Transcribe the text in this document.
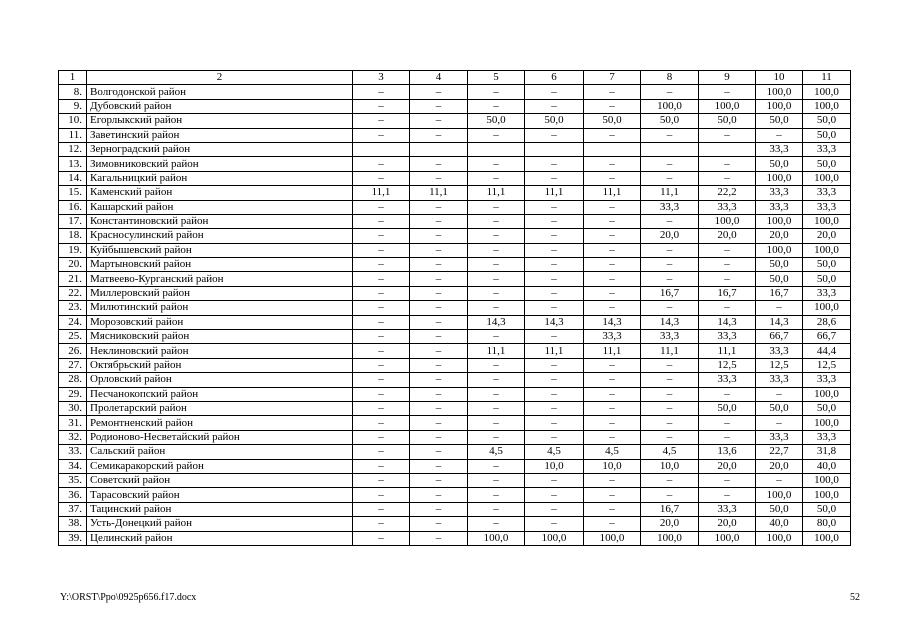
1	2	3	4	5	6	7	8	9	10	11
8.	Волгодонской район	–	–	–	–	–	–	–	100,0	100,0
9.	Дубовский район	–	–	–	–	–	100,0	100,0	100,0	100,0
10.	Егорлыкский район	–	–	50,0	50,0	50,0	50,0	50,0	50,0	50,0
11.	Заветинский район	–	–	–	–	–	–	–	–	50,0
12.	Зерноградский район								33,3	33,3
13.	Зимовниковский район	–	–	–	–	–	–	–	50,0	50,0
14.	Кагальницкий район	–	–	–	–	–	–	–	100,0	100,0
15.	Каменский район	11,1	11,1	11,1	11,1	11,1	11,1	22,2	33,3	33,3
16.	Кашарский район	–	–	–	–	–	33,3	33,3	33,3	33,3
17.	Константиновский район	–	–	–	–	–	–	100,0	100,0	100,0
18.	Красносулинский район	–	–	–	–	–	20,0	20,0	20,0	20,0
19.	Куйбышевский район	–	–	–	–	–	–	–	100,0	100,0
20.	Мартыновский район	–	–	–	–	–	–	–	50,0	50,0
21.	Матвеево-Курганский район	–	–	–	–	–	–	–	50,0	50,0
22.	Миллеровский район	–	–	–	–	–	16,7	16,7	16,7	33,3
23.	Милютинский район	–	–	–	–	–	–	–	–	100,0
24.	Морозовский район	–	–	14,3	14,3	14,3	14,3	14,3	14,3	28,6
25.	Мясниковский район	–	–	–	–	33,3	33,3	33,3	66,7	66,7
26.	Неклиновский район	–	–	11,1	11,1	11,1	11,1	11,1	33,3	44,4
27.	Октябрьский район	–	–	–	–	–	–	12,5	12,5	12,5
28.	Орловский район	–	–	–	–	–	–	33,3	33,3	33,3
29.	Песчанокопский район	–	–	–	–	–	–	–	–	100,0
30.	Пролетарский район	–	–	–	–	–	–	50,0	50,0	50,0
31.	Ремонтненский район	–	–	–	–	–	–	–	–	100,0
32.	Родионово-Несветайский район	–	–	–	–	–	–	–	33,3	33,3
33.	Сальский район	–	–	4,5	4,5	4,5	4,5	13,6	22,7	31,8
34.	Семикаракорский район	–	–	–	10,0	10,0	10,0	20,0	20,0	40,0
35.	Советский район	–	–	–	–	–	–	–	–	100,0
36.	Тарасовский район	–	–	–	–	–	–	–	100,0	100,0
37.	Тацинский район	–	–	–	–	–	16,7	33,3	50,0	50,0
38.	Усть-Донецкий район	–	–	–	–	–	20,0	20,0	40,0	80,0
39.	Целинский район	–	–	100,0	100,0	100,0	100,0	100,0	100,0	100,0
Y:\ORST\Ppo\0925p656.f17.docx	52
